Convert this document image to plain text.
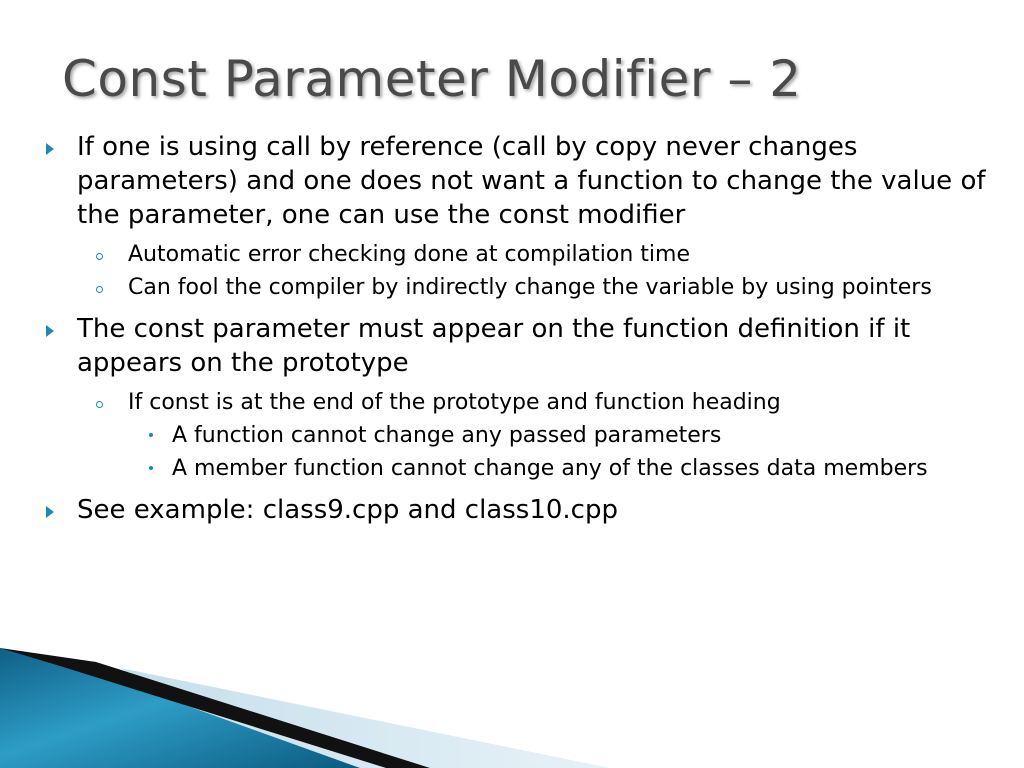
Const Parameter Modifier – 2
If one is using call by reference (call by copy never changes parameters) and one does not want a function to change the value of the parameter, one can use the const modifier
Automatic error checking done at compilation time
Can fool the compiler by indirectly change the variable by using pointers
The const parameter must appear on the function definition if it appears on the prototype
If const is at the end of the prototype and function heading
A function cannot change any passed parameters
A member function cannot change any of the classes data members
See example: class9.cpp and class10.cpp
